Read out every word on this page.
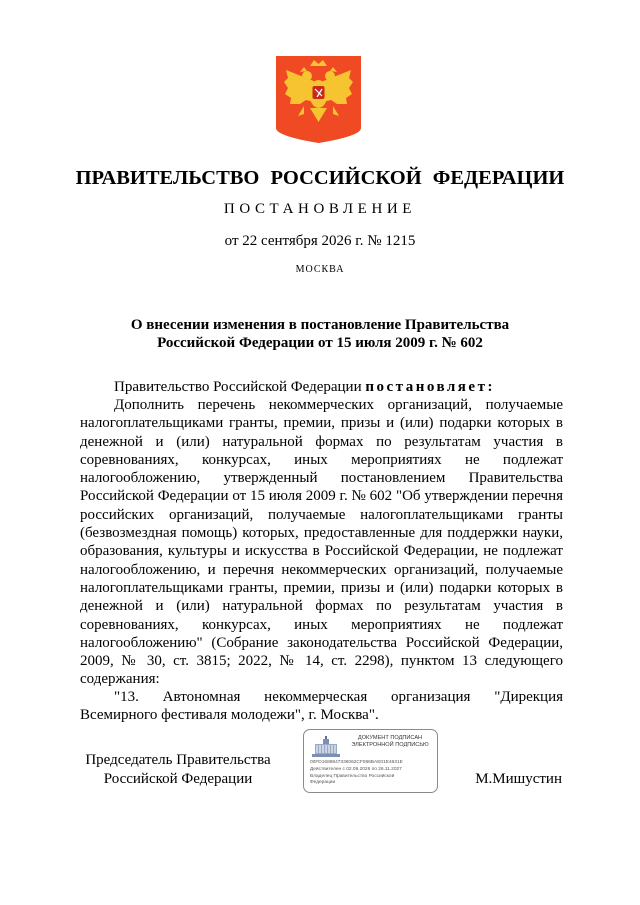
ПРАВИТЕЛЬСТВО РОССИЙСКОЙ ФЕДЕРАЦИИ
ПОСТАНОВЛЕНИЕ
от 22 сентября 2026 г. № 1215
МОСКВА
О внесении изменения в постановление Правительства
Российской Федерации от 15 июля 2009 г. № 602
Правительство Российской Федерации постановляет:
Дополнить перечень некоммерческих организаций, получаемые налогоплательщиками гранты, премии, призы и (или) подарки которых в денежной и (или) натуральной формах по результатам участия в соревнованиях, конкурсах, иных мероприятиях не подлежат налогообложению, утвержденный постановлением Правительства Российской Федерации от 15 июля 2009 г. № 602 "Об утверждении перечня российских организаций, получаемые налогоплательщиками гранты (безвозмездная помощь) которых, предоставленные для поддержки науки, образования, культуры и искусства в Российской Федерации, не подлежат налогообложению, и перечня некоммерческих организаций, получаемые налогоплательщиками гранты, премии, призы и (или) подарки которых в денежной и (или) натуральной формах по результатам участия в соревнованиях, конкурсах, иных мероприятиях не подлежат налогообложению" (Собрание законодательства Российской Федерации, 2009, № 30, ст. 3815; 2022, № 14, ст. 2298), пунктом 13 следующего содержания:
"13. Автономная некоммерческая организация "Дирекция Всемирного фестиваля молодежи", г. Москва".
Председатель Правительства
Российской Федерации
ДОКУМЕНТ ПОДПИСАН
ЭЛЕКТРОННОЙ ПОДПИСЬЮ
00FD1689847336062CF086BAE01E4631E
Действителен с 02.09.2026 по 26.11.2027
Владелец Правительство Российской
Федерации	М.Мишустин
